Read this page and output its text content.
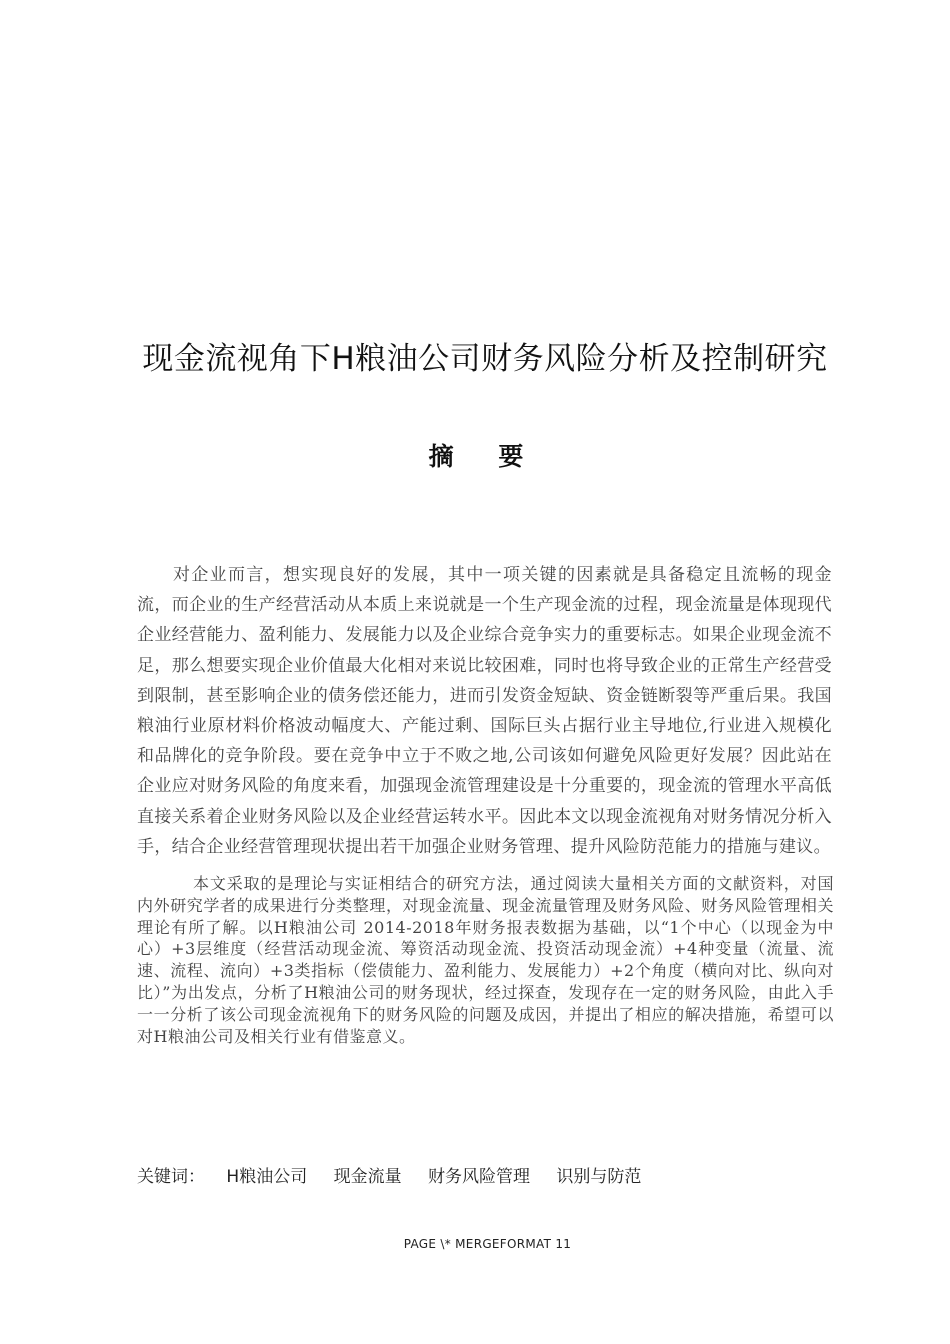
现金流视角下H粮油公司财务风险分析及控制研究
摘 要

对企业而言，想实现良好的发展，其中一项关键的因素就是具备稳定且流畅的现金流，而企业的生产经营活动从本质上来说就是一个生产现金流的过程，现金流量是体现现代企业经营能力、盈利能力、发展能力以及企业综合竞争实力的重要标志。如果企业现金流不足，那么想要实现企业价值最大化相对来说比较困难，同时也将导致企业的正常生产经营受到限制，甚至影响企业的债务偿还能力，进而引发资金短缺、资金链断裂等严重后果。我国粮油行业原材料价格波动幅度大、产能过剩、国际巨头占据行业主导地位,行业进入规模化和品牌化的竞争阶段。要在竞争中立于不败之地,公司该如何避免风险更好发展？因此站在企业应对财务风险的角度来看，加强现金流管理建设是十分重要的，现金流的管理水平高低直接关系着企业财务风险以及企业经营运转水平。因此本文以现金流视角对财务情况分析入手，结合企业经营管理现状提出若干加强企业财务管理、提升风险防范能力的措施与建议。

本文采取的是理论与实证相结合的研究方法，通过阅读大量相关方面的文献资料，对国内外研究学者的成果进行分类整理，对现金流量、现金流量管理及财务风险、财务风险管理相关理论有所了解。以H粮油公司 2014-2018年财务报表数据为基础，以“1个中心（以现金为中心）+3层维度（经营活动现金流、筹资活动现金流、投资活动现金流）+4种变量（流量、流速、流程、流向）+3类指标（偿债能力、盈利能力、发展能力）+2个角度（横向对比、纵向对比）”为出发点，分析了H粮油公司的财务现状，经过探查，发现存在一定的财务风险，由此入手一一分析了该公司现金流视角下的财务风险的问题及成因，并提出了相应的解决措施，希望可以对H粮油公司及相关行业有借鉴意义。

关键词： H粮油公司 现金流量 财务风险管理 识别与防范
PAGE \* MERGEFORMAT 11
